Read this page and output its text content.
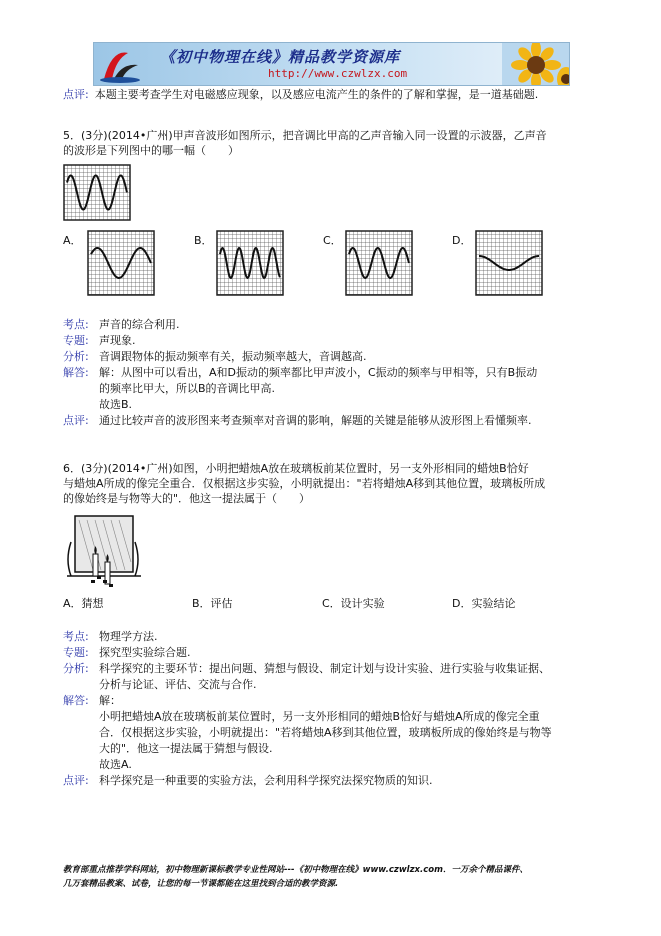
《初中物理在线》精品教学资源库
http://www.czwlzx.com
点评: 本题主要考查学生对电磁感应现象，以及感应电流产生的条件的了解和掌握，是一道基础题.
5．(3分)(2014•广州)甲声音波形如图所示，把音调比甲高的乙声音输入同一设置的示波器，乙声音
的波形是下列图中的哪一幅（　　）
A．	B．	C．	D．
考点: 声音的综合利用.
专题: 声现象.
分析: 音调跟物体的振动频率有关，振动频率越大，音调越高.
解答: 解：从图中可以看出，A和D振动的频率都比甲声波小，C振动的频率与甲相等，只有B振动
的频率比甲大，所以B的音调比甲高.
故选B.
点评: 通过比较声音的波形图来考查频率对音调的影响，解题的关键是能够从波形图上看懂频率.
6．(3分)(2014•广州)如图，小明把蜡烛A放在玻璃板前某位置时，另一支外形相同的蜡烛B恰好
与蜡烛A所成的像完全重合．仅根据这步实验，小明就提出："若将蜡烛A移到其他位置，玻璃板所成
的像始终是与物等大的"．他这一提法属于（　　）
A．猜想	B．评估	C．设计实验	D．实验结论
考点: 物理学方法.
专题: 探究型实验综合题.
分析: 科学探究的主要环节：提出问题、猜想与假设、制定计划与设计实验、进行实验与收集证据、
分析与论证、评估、交流与合作.
解答: 解：
小明把蜡烛A放在玻璃板前某位置时，另一支外形相同的蜡烛B恰好与蜡烛A所成的像完全重
合．仅根据这步实验，小明就提出："若将蜡烛A移到其他位置，玻璃板所成的像始终是与物等
大的"．他这一提法属于猜想与假设.
故选A.
点评: 科学探究是一种重要的实验方法，会利用科学探究法探究物质的知识.
教育部重点推荐学科网站，初中物理新课标教学专业性网站---《初中物理在线》www.czwlzx.com．一万余个精品课件、
几万套精品教案、试卷，让您的每一节课都能在这里找到合适的教学资源.
